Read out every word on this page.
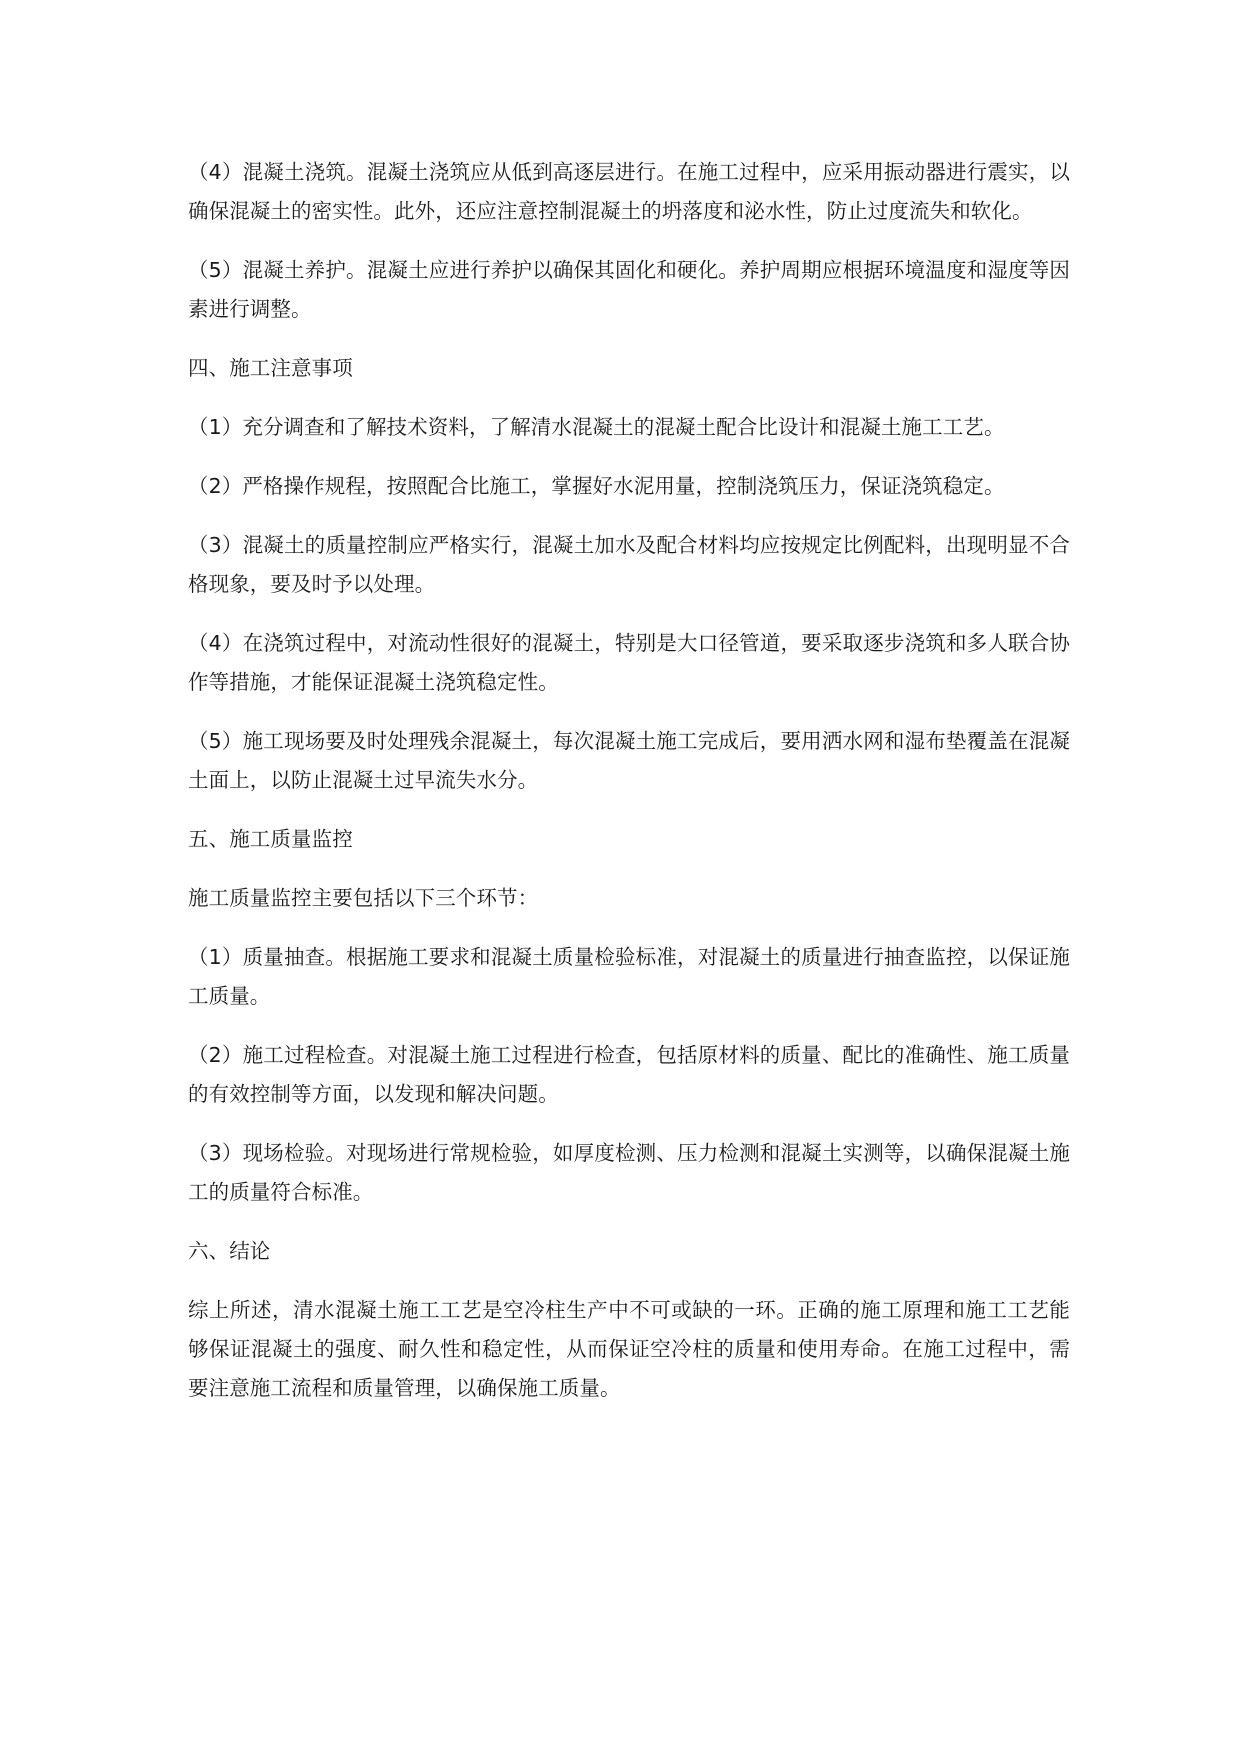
（4）混凝土浇筑。混凝土浇筑应从低到高逐层进行。在施工过程中，应采用振动器进行震实，以确保混凝土的密实性。此外，还应注意控制混凝土的坍落度和泌水性，防止过度流失和软化。

（5）混凝土养护。混凝土应进行养护以确保其固化和硬化。养护周期应根据环境温度和湿度等因素进行调整。

四、施工注意事项

（1）充分调查和了解技术资料，了解清水混凝土的混凝土配合比设计和混凝土施工工艺。

（2）严格操作规程，按照配合比施工，掌握好水泥用量，控制浇筑压力，保证浇筑稳定。

（3）混凝土的质量控制应严格实行，混凝土加水及配合材料均应按规定比例配料，出现明显不合格现象，要及时予以处理。

（4）在浇筑过程中，对流动性很好的混凝土，特别是大口径管道，要采取逐步浇筑和多人联合协作等措施，才能保证混凝土浇筑稳定性。

（5）施工现场要及时处理残余混凝土，每次混凝土施工完成后，要用洒水网和湿布垫覆盖在混凝土面上，以防止混凝土过早流失水分。

五、施工质量监控

施工质量监控主要包括以下三个环节：

（1）质量抽查。根据施工要求和混凝土质量检验标准，对混凝土的质量进行抽查监控，以保证施工质量。

（2）施工过程检查。对混凝土施工过程进行检查，包括原材料的质量、配比的准确性、施工质量的有效控制等方面，以发现和解决问题。

（3）现场检验。对现场进行常规检验，如厚度检测、压力检测和混凝土实测等，以确保混凝土施工的质量符合标准。

六、结论

综上所述，清水混凝土施工工艺是空冷柱生产中不可或缺的一环。正确的施工原理和施工工艺能够保证混凝土的强度、耐久性和稳定性，从而保证空冷柱的质量和使用寿命。在施工过程中，需要注意施工流程和质量管理，以确保施工质量。
